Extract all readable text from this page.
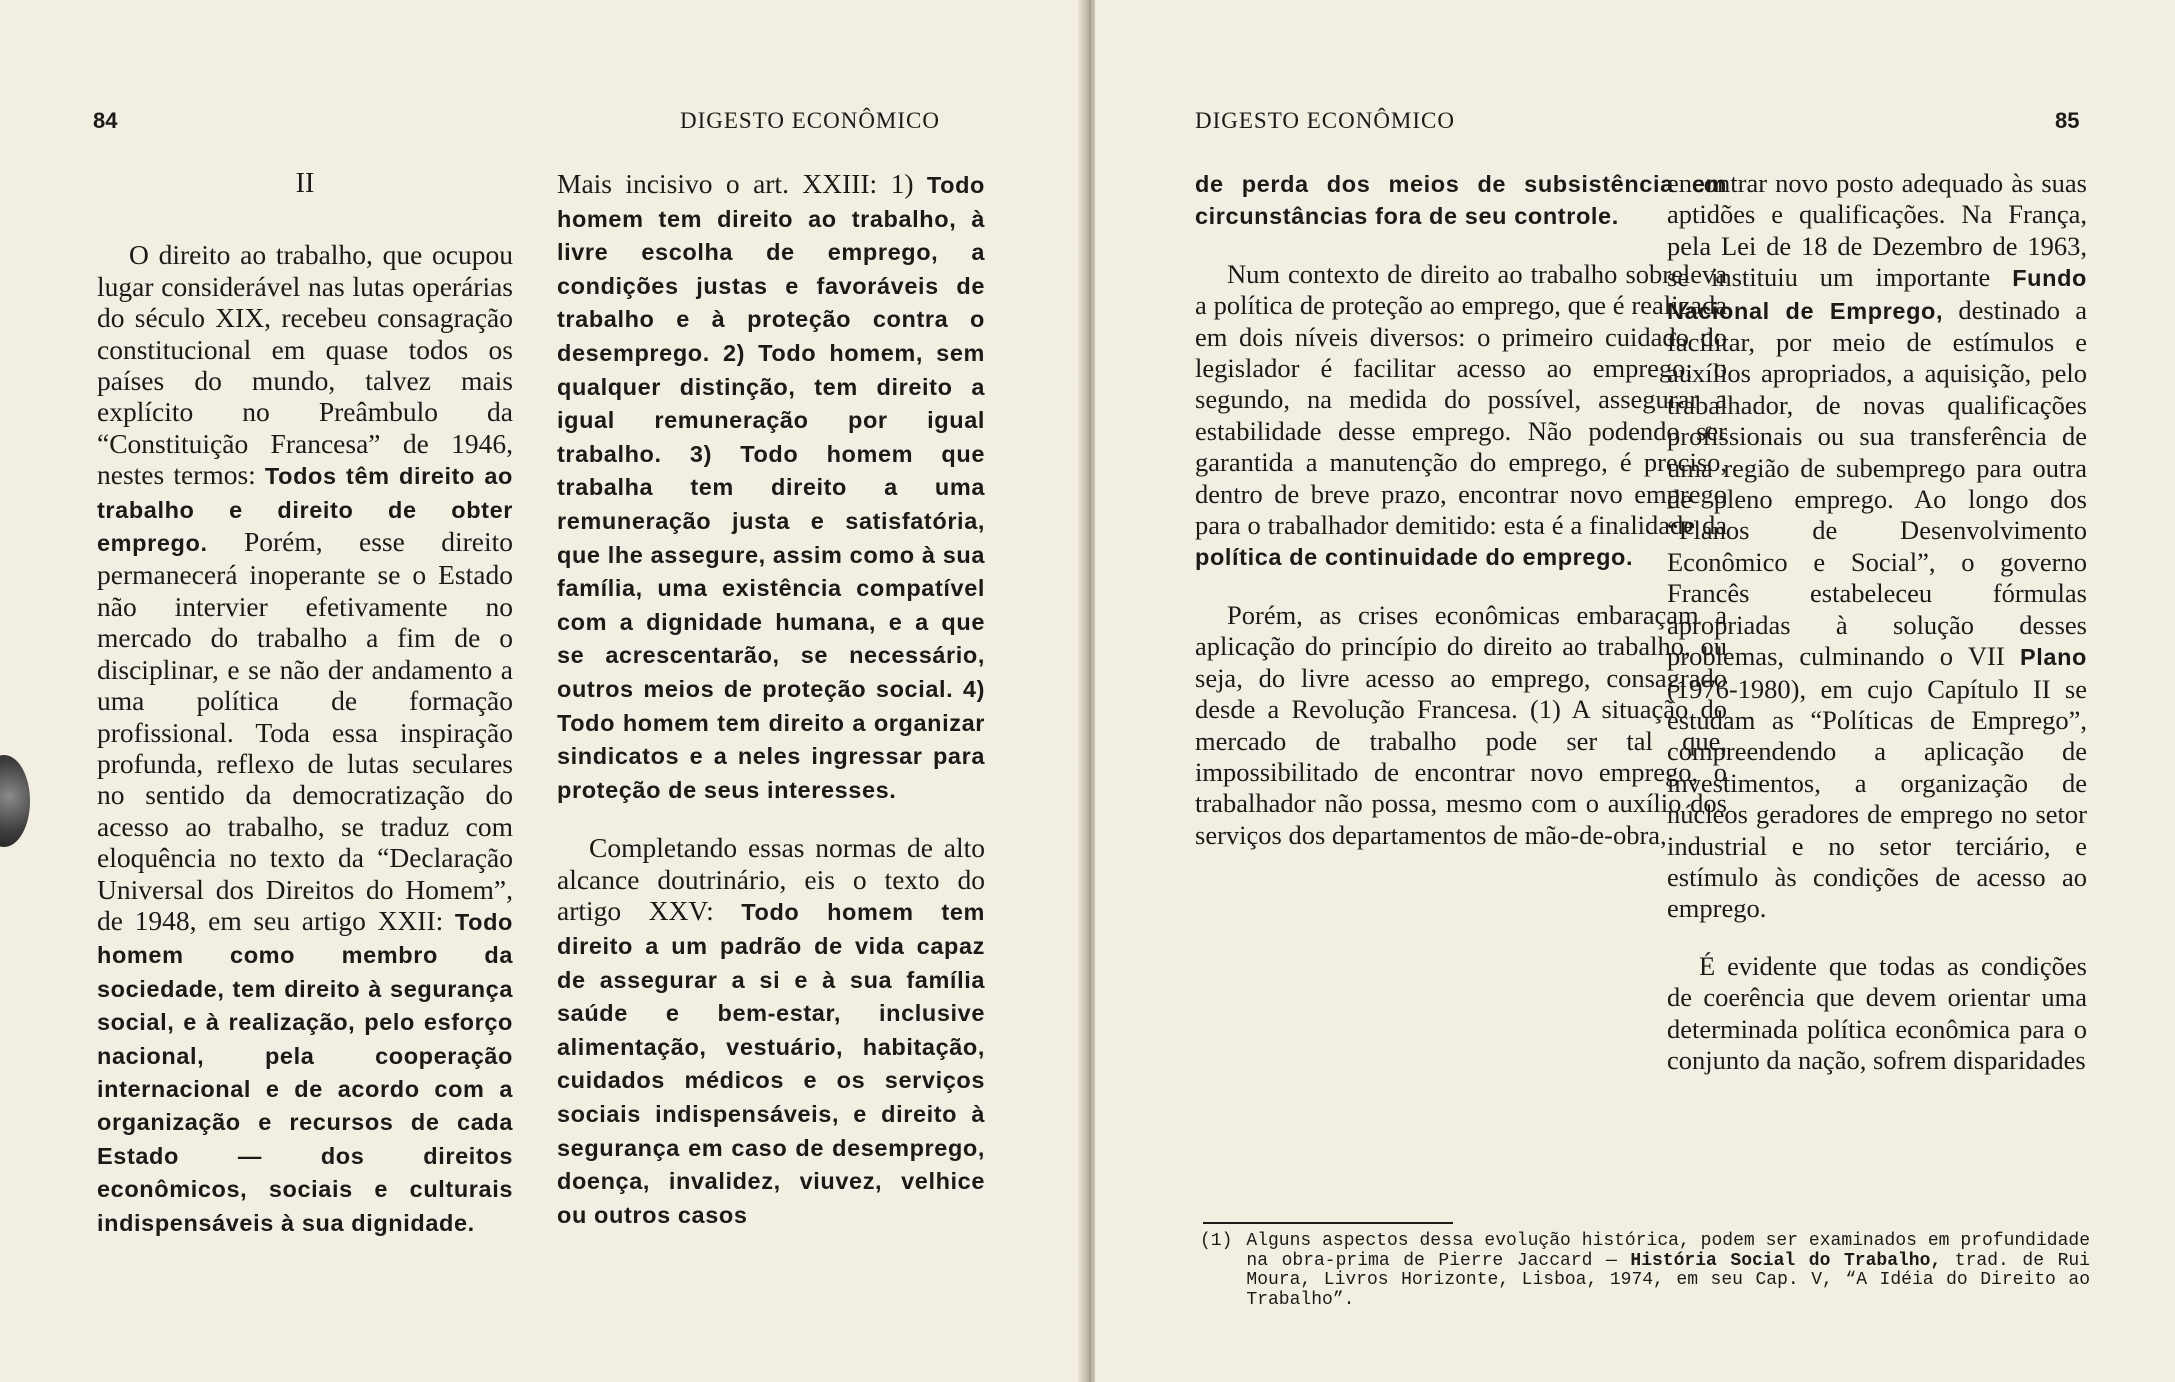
84	DIGESTO ECONÔMICO
II

O direito ao trabalho, que ocupou lugar considerável nas lutas operárias do século XIX, recebeu consagração constitucional em quase todos os países do mundo, talvez mais explícito no Preâmbulo da “Constituição Francesa” de 1946, nestes termos: Todos têm direito ao trabalho e direito de obter emprego. Porém, esse direito permanecerá inoperante se o Estado não intervier efetivamente no mercado do trabalho a fim de o disciplinar, e se não der andamento a uma política de formação profissional. Toda essa inspiração profunda, reflexo de lutas seculares no sentido da democratização do acesso ao trabalho, se traduz com eloquência no texto da “Declaração Universal dos Direitos do Homem”, de 1948, em seu artigo XXII: Todo homem como membro da sociedade, tem direito à segurança social, e à realização, pelo esforço nacional, pela cooperação internacional e de acordo com a organização e recursos de cada Estado — dos direitos econômicos, sociais e culturais indispensáveis à sua dignidade.

Mais incisivo o art. XXIII: 1) Todo homem tem direito ao trabalho, à livre escolha de emprego, a condições justas e favoráveis de trabalho e à proteção contra o desemprego. 2) Todo homem, sem qualquer distinção, tem direito a igual remuneração por igual trabalho. 3) Todo homem que trabalha tem direito a uma remuneração justa e satisfatória, que lhe assegure, assim como à sua família, uma existência compatível com a dignidade humana, e a que se acrescentarão, se necessário, outros meios de proteção social. 4) Todo homem tem direito a organizar sindicatos e a neles ingressar para proteção de seus interesses.

Completando essas normas de alto alcance doutrinário, eis o texto do artigo XXV: Todo homem tem direito a um padrão de vida capaz de assegurar a si e à sua família saúde e bem-estar, inclusive alimentação, vestuário, habitação, cuidados médicos e os serviços sociais indispensáveis, e direito à segurança em caso de desemprego, doença, invalidez, viuvez, velhice ou outros casos

DIGESTO ECONÔMICO	85

de perda dos meios de subsistência em circunstâncias fora de seu controle.

Num contexto de direito ao trabalho sobreleva a política de proteção ao emprego, que é realizada em dois níveis diversos: o primeiro cuidado do legislador é facilitar acesso ao emprego; o segundo, na medida do possível, assegurar a estabilidade desse emprego. Não podendo ser garantida a manutenção do emprego, é preciso, dentro de breve prazo, encontrar novo emprego para o trabalhador demitido: esta é a finalidade da política de continuidade do emprego.

Porém, as crises econômicas embaraçam a aplicação do princípio do direito ao trabalho, ou seja, do livre acesso ao emprego, consagrado desde a Revolução Francesa. (1) A situação do mercado de trabalho pode ser tal que, impossibilitado de encontrar novo emprego, o trabalhador não possa, mesmo com o auxílio dos serviços dos departamentos de mão-de-obra,

encontrar novo posto adequado às suas aptidões e qualificações. Na França, pela Lei de 18 de Dezembro de 1963, se instituiu um importante Fundo Nacional de Emprego, destinado a facilitar, por meio de estímulos e auxílios apropriados, a aquisição, pelo trabalhador, de novas qualificações profissionais ou sua transferência de uma região de subemprego para outra de pleno emprego. Ao longo dos “Planos de Desenvolvimento Econômico e Social”, o governo Francês estabeleceu fórmulas apropriadas à solução desses problemas, culminando o VII Plano (1976-1980), em cujo Capítulo II se estudam as “Políticas de Emprego”, compreendendo a aplicação de investimentos, a organização de núcleos geradores de emprego no setor industrial e no setor terciário, e estímulo às condições de acesso ao emprego.

É evidente que todas as condições de coerência que devem orientar uma determinada política econômica para o conjunto da nação, sofrem disparidades

(1) Alguns aspectos dessa evolução histórica, podem ser examinados em profundidade na obra-prima de Pierre Jaccard — História Social do Trabalho, trad. de Rui Moura, Livros Horizonte, Lisboa, 1974, em seu Cap. V, “A Idéia do Direito ao Trabalho”.
